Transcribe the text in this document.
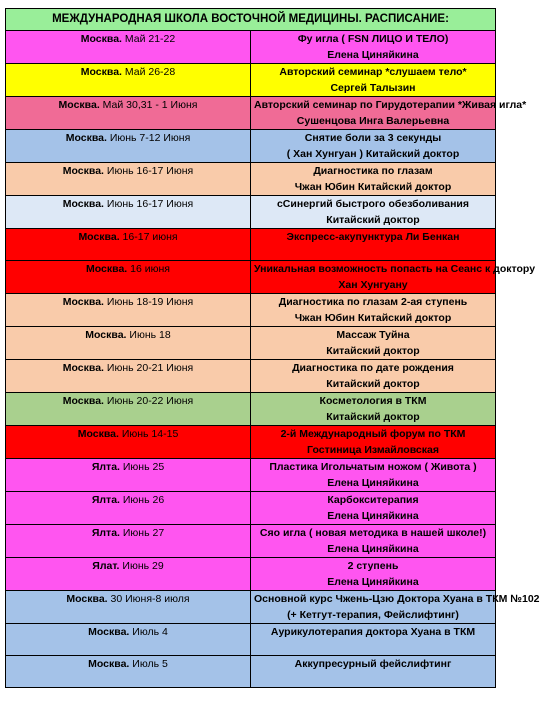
МЕЖДУНАРОДНАЯ ШКОЛА ВОСТОЧНОЙ МЕДИЦИНЫ. РАСПИСАНИЕ:	
Москва. Май 21-22	Фу игла ( FSN ЛИЦО И ТЕЛО)
Елена Циняйкина

Москва. Май 26-28	Авторский семинар *слушаем тело*
Сергей Талызин

Москва. Май 30,31 - 1 Июня	Авторский семинар по Гирудотерапии *Живая игла*
Сушенцова Инга Валерьевна

Москва. Июнь 7-12 Июня	Снятие боли за 3 секунды
( Хан Хунгуан ) Китайский доктор

Москва. Июнь 16-17 Июня	Диагностика по глазам
Чжан Юбин Китайский доктор

Москва. Июнь 16-17 Июня	сСинергий быстрого обезболивания
Китайский доктор

Москва. 16-17 июня	Экспресс-акупунктура Ли Бенкан

Москва. 16 июня	Уникальная возможность попасть на Сеанс к доктору
Хан Хунгуану

Москва. Июнь 18-19 Июня	Диагностика по глазам 2-ая ступень
Чжан Юбин Китайский доктор

Москва. Июнь 18	Массаж Туйна
Китайский доктор

Москва. Июнь 20-21 Июня	Диагностика по дате рождения
Китайский доктор

Москва. Июнь 20-22 Июня	Косметология в ТКМ
Китайский доктор

Москва. Июнь 14-15	2-й Международный форум по ТКМ
Гостиница Измайловская

Ялта. Июнь 25	Пластика Игольчатым ножом ( Живота )
Елена Циняйкина

Ялта. Июнь 26	Карбокситерапия
Елена Циняйкина

Ялта. Июнь 27	Сяо игла ( новая методика в нашей школе!)
Елена Циняйкина

Ялат. Июнь 29	2 ступень
Елена Циняйкина

Москва. 30 Июня-8 июля	Основной курс Чжень-Цзю Доктора Хуана в ТКМ №102
(+ Кетгут-терапия, Фейслифтинг)

Москва. Июль 4	Аурикулотерапия доктора Хуана в ТКМ

Москва. Июль 5	Аккупресурный фейслифтинг
